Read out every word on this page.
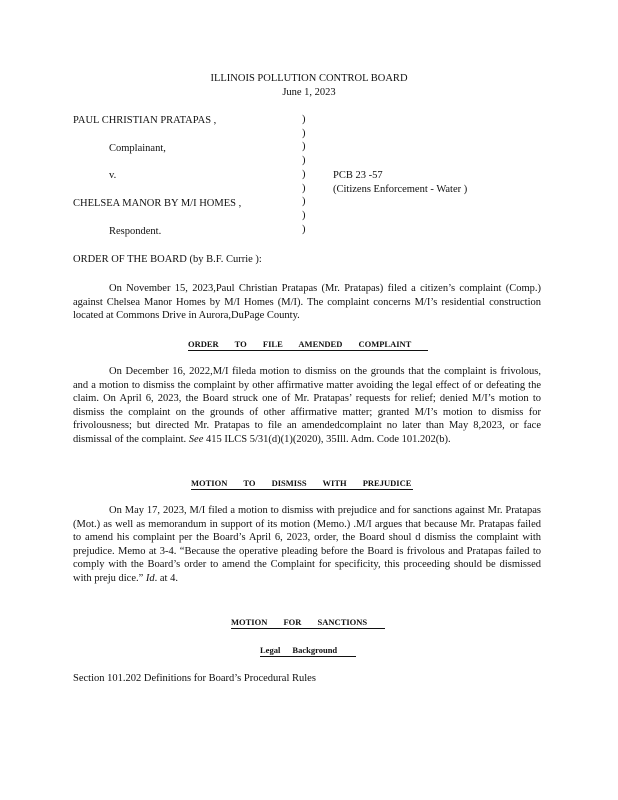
ILLINOIS POLLUTION CONTROL BOARD
June 1, 2023
PAUL CHRISTIAN PRATAPAS ,
Complainant,
v.
CHELSEA MANOR BY M/I HOMES ,
Respondent.
)
)
)
)
)
)
)
)
)
PCB 23 -57
(Citizens Enforcement - Water )
ORDER OF THE BOARD (by B.F. Currie ):
On November 15, 2023,Paul Christian Pratapas (Mr. Pratapas) filed a citizen’s complaint (Comp.) against Chelsea Manor Homes by M/I Homes (M/I). The complaint concerns M/I’s residential construction located at Commons Drive in Aurora,DuPage County.
ORDER TO FILE AMENDED COMPLAINT
On December 16, 2022,M/I fileda motion to dismiss on the grounds that the complaint is frivolous, and a motion to dismiss the complaint by other affirmative matter avoiding the legal effect of or defeating the claim. On April 6, 2023, the Board struck one of Mr. Pratapas’ requests for relief; denied M/I’s motion to dismiss the complaint on the grounds of other affirmative matter; granted M/I’s motion to dismiss for frivolousness; but directed Mr. Pratapas to file an amendedcomplaint no later than May 8,2023, or face dismissal of the complaint. See 415 ILCS 5/31(d)(1)(2020), 35Ill. Adm. Code 101.202(b).
MOTION TO DISMISS WITH PREJUDICE
On May 17, 2023, M/I filed a motion to dismiss with prejudice and for sanctions against Mr. Pratapas (Mot.) as well as memorandum in support of its motion (Memo.) .M/I argues that because Mr. Pratapas failed to amend his complaint per the Board’s April 6, 2023, order, the Board shoul d dismiss the complaint with prejudice. Memo at 3-4. “Because the operative pleading before the Board is frivolous and Pratapas failed to comply with the Board’s order to amend the Complaint for specificity, this proceeding should be dismissed with preju dice.” Id. at 4.
MOTION FOR SANCTIONS
Legal Background
Section 101.202 Definitions for Board’s Procedural Rules
